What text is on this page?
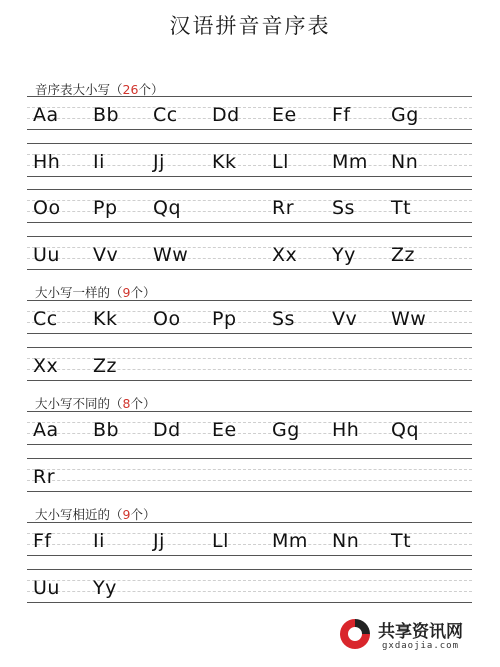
汉语拼音音序表
音序表大小写（26个）
Aa Bb Cc Dd Ee Ff Gg
Hh Ii	Jj Kk Ll Mm Nn
Oo Pp Qq	Rr Ss Tt
Uu Vv Ww	Xx Yy Zz
大小写一样的（9个）
Cc Kk Oo Pp Ss Vv Ww
Xx Zz
大小写不同的（8个）
Aa Bb Dd Ee Gg Hh Qq
Rr
大小写相近的（9个）
Ff Ii	Jj Ll Mm Nn Tt
Uu Yy
共享资讯网
gxdaojia.com
